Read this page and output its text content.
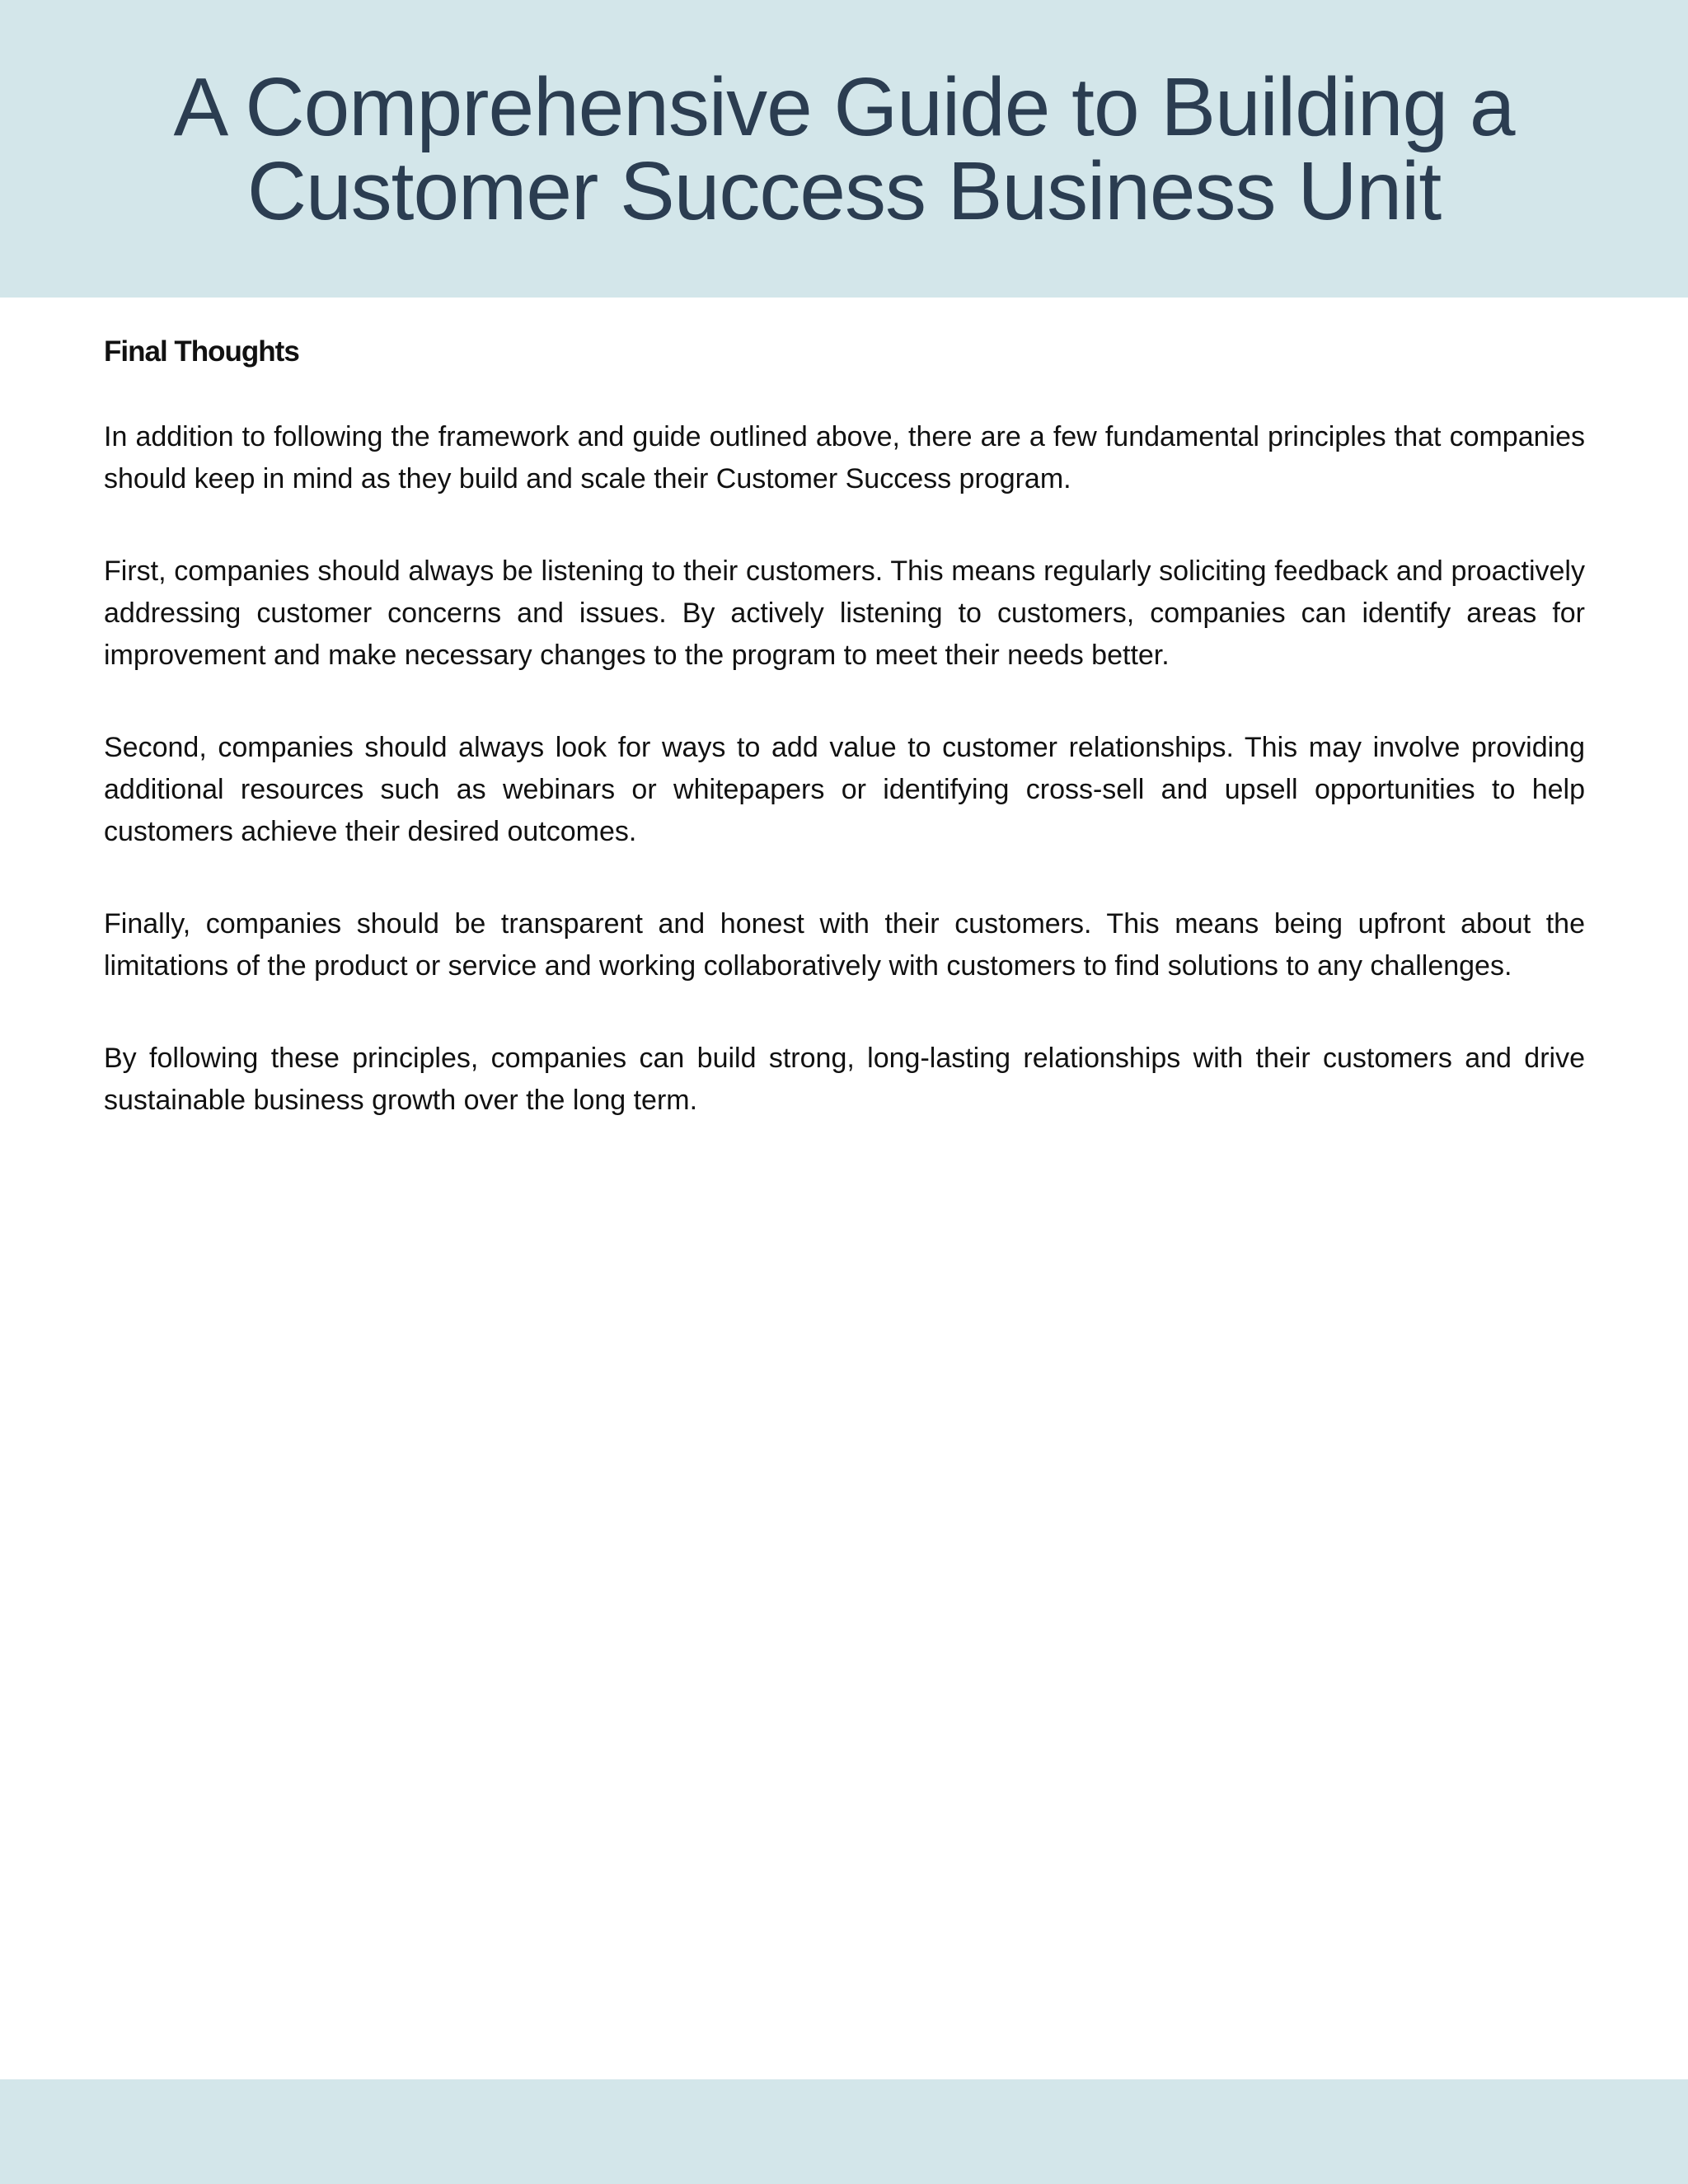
A Comprehensive Guide to Building a Customer Success Business Unit
Final Thoughts

In addition to following the framework and guide outlined above, there are a few fundamental principles that companies should keep in mind as they build and scale their Customer Success program.

First, companies should always be listening to their customers. This means regularly soliciting feedback and proactively addressing customer concerns and issues. By actively listening to customers, companies can identify areas for improvement and make necessary changes to the program to meet their needs better.

Second, companies should always look for ways to add value to customer relationships. This may involve providing additional resources such as webinars or whitepapers or identifying cross-sell and upsell opportunities to help customers achieve their desired outcomes.

Finally, companies should be transparent and honest with their customers. This means being upfront about the limitations of the product or service and working collaboratively with customers to find solutions to any challenges.

By following these principles, companies can build strong, long-lasting relationships with their customers and drive sustainable business growth over the long term.
